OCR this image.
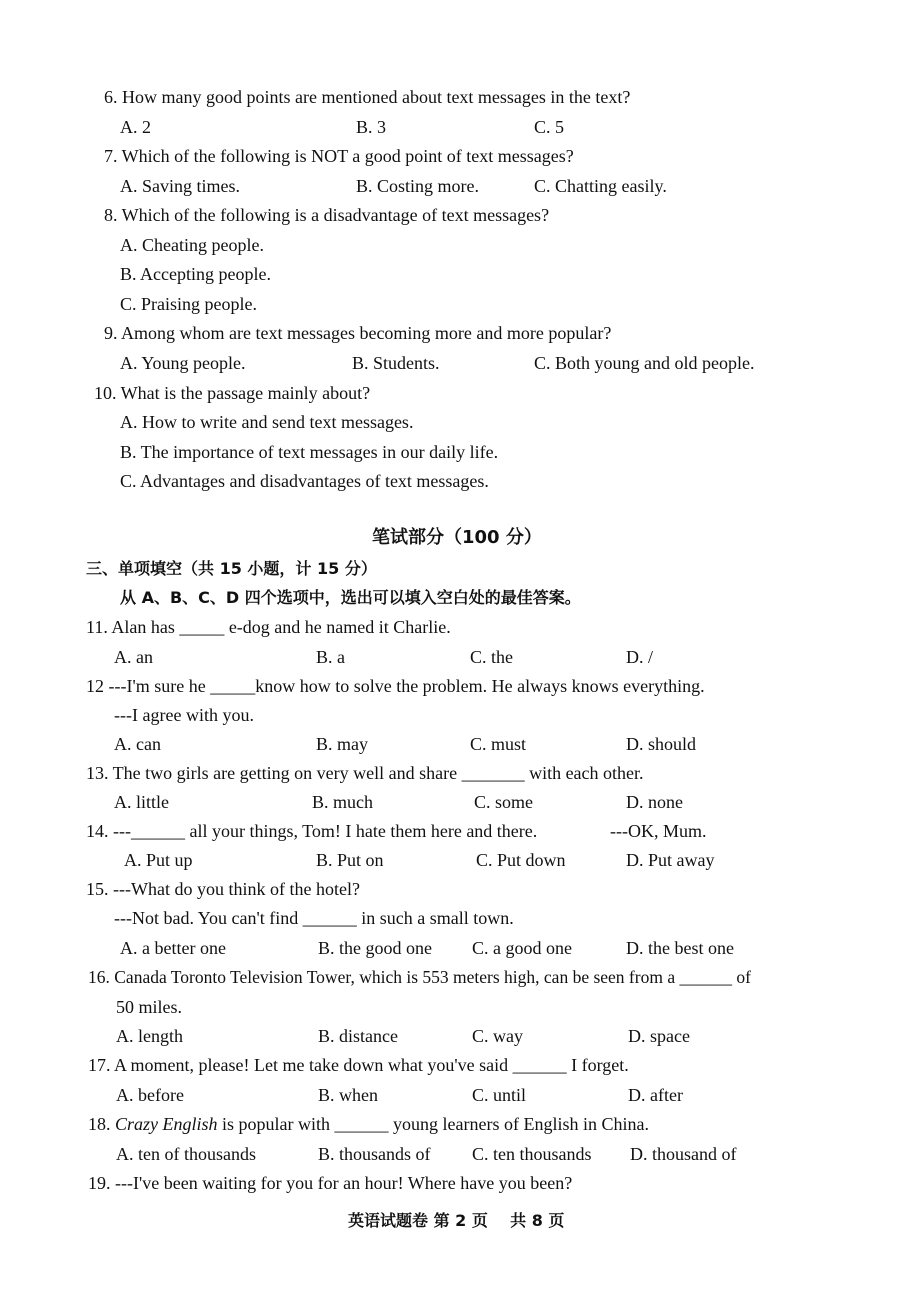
6. How many good points are mentioned about text messages in the text?
A. 2	B. 3	C. 5
7. Which of the following is NOT a good point of text messages?
A. Saving times.	B. Costing more.	C. Chatting easily.
8. Which of the following is a disadvantage of text messages?
A. Cheating people.
B. Accepting people.
C. Praising people.
9. Among whom are text messages becoming more and more popular?
A. Young people.	B. Students.	C. Both young and old people.
10. What is the passage mainly about?
A. How to write and send text messages.
B. The importance of text messages in our daily life.
C. Advantages and disadvantages of text messages.
笔试部分（100 分）
三、单项填空（共 15 小题，计 15 分）
从 A、B、C、D 四个选项中，选出可以填入空白处的最佳答案。
11. Alan has _____ e-dog and he named it Charlie.
A. an	B. a	C. the	D. /
12 ---I'm sure he _____know how to solve the problem. He always knows everything.
---I agree with you.
A. can	B. may	C. must	D. should
13. The two girls are getting on very well and share _______ with each other.
A. little	B. much	C. some	D. none
14. ---______ all your things, Tom! I hate them here and there.	---OK, Mum.
A. Put up	B. Put on	C. Put down	D. Put away
15. ---What do you think of the hotel?
---Not bad. You can't find ______ in such a small town.
A. a better one	B. the good one C. a good one	D. the best one
16. Canada Toronto Television Tower, which is 553 meters high, can be seen from a ______ of
50 miles.
A. length	B. distance	C. way	D. space
17. A moment, please! Let me take down what you've said ______ I forget.
A. before	B. when	C. until	D. after
18. Crazy English is popular with ______ young learners of English in China.
A. ten of thousands	B. thousands of C. ten thousands D. thousand of
19. ---I've been waiting for you for an hour! Where have you been?
英语试题卷 第 2 页    共 8 页
